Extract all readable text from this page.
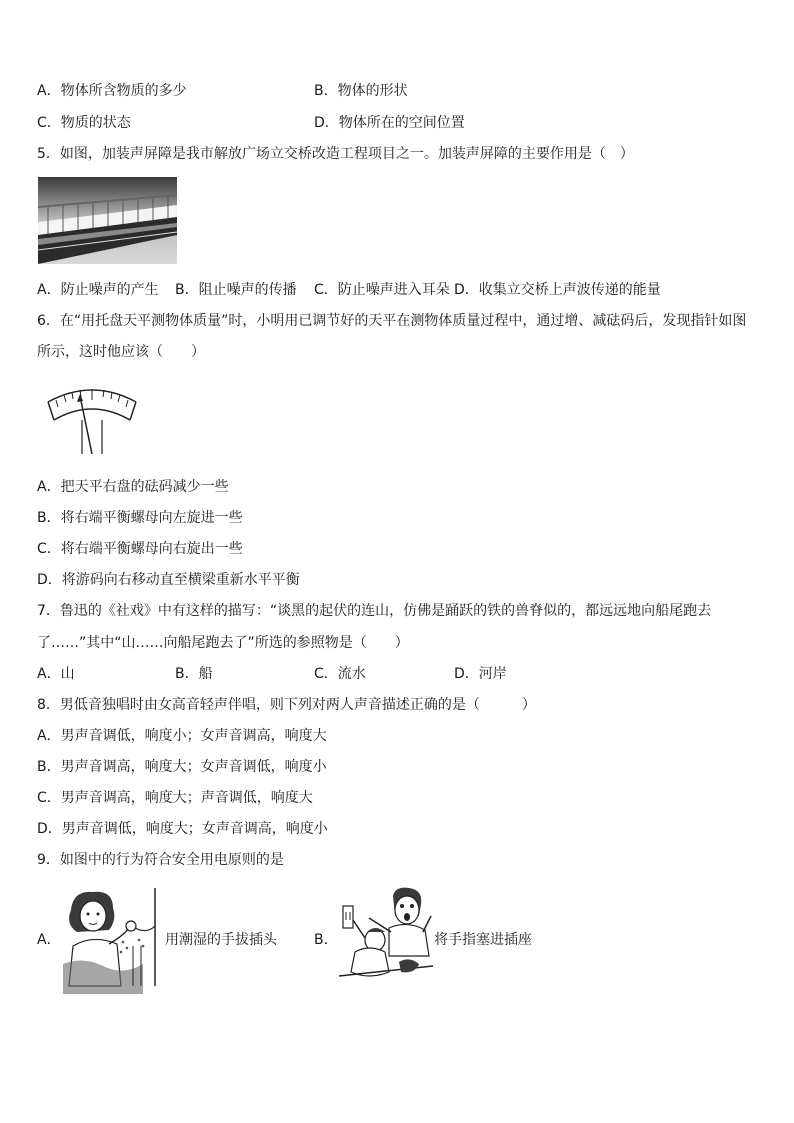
A．物体所含物质的多少	B．物体的形状
C．物质的状态	D．物体所在的空间位置
5．如图，加装声屏障是我市解放广场立交桥改造工程项目之一。加装声屏障的主要作用是（　）
A．防止噪声的产生 B．阻止噪声的传播 C．防止噪声进入耳朵 D．收集立交桥上声波传递的能量
6．在“用托盘天平测物体质量”时，小明用已调节好的天平在测物体质量过程中，通过增、减砝码后，发现指针如图
所示，这时他应该（　　）
A．把天平右盘的砝码减少一些
B．将右端平衡螺母向左旋进一些
C．将右端平衡螺母向右旋出一些
D．将游码向右移动直至横梁重新水平平衡
7．鲁迅的《社戏》中有这样的描写：“谈黑的起伏的连山，仿佛是踊跃的铁的兽脊似的，都远远地向船尾跑去
了……”其中“山……向船尾跑去了”所选的参照物是（　　）
A．山	B．船	C．流水	D．河岸
8．男低音独唱时由女高音轻声伴唱，则下列对两人声音描述正确的是（　　　）
A．男声音调低，响度小；女声音调高，响度大
B．男声音调高，响度大；女声音调低，响度小
C．男声音调高，响度大；声音调低，响度大
D．男声音调低，响度大；女声音调高，响度小
9．如图中的行为符合安全用电原则的是
A．	用潮湿的手拔插头	B．	将手指塞进插座
